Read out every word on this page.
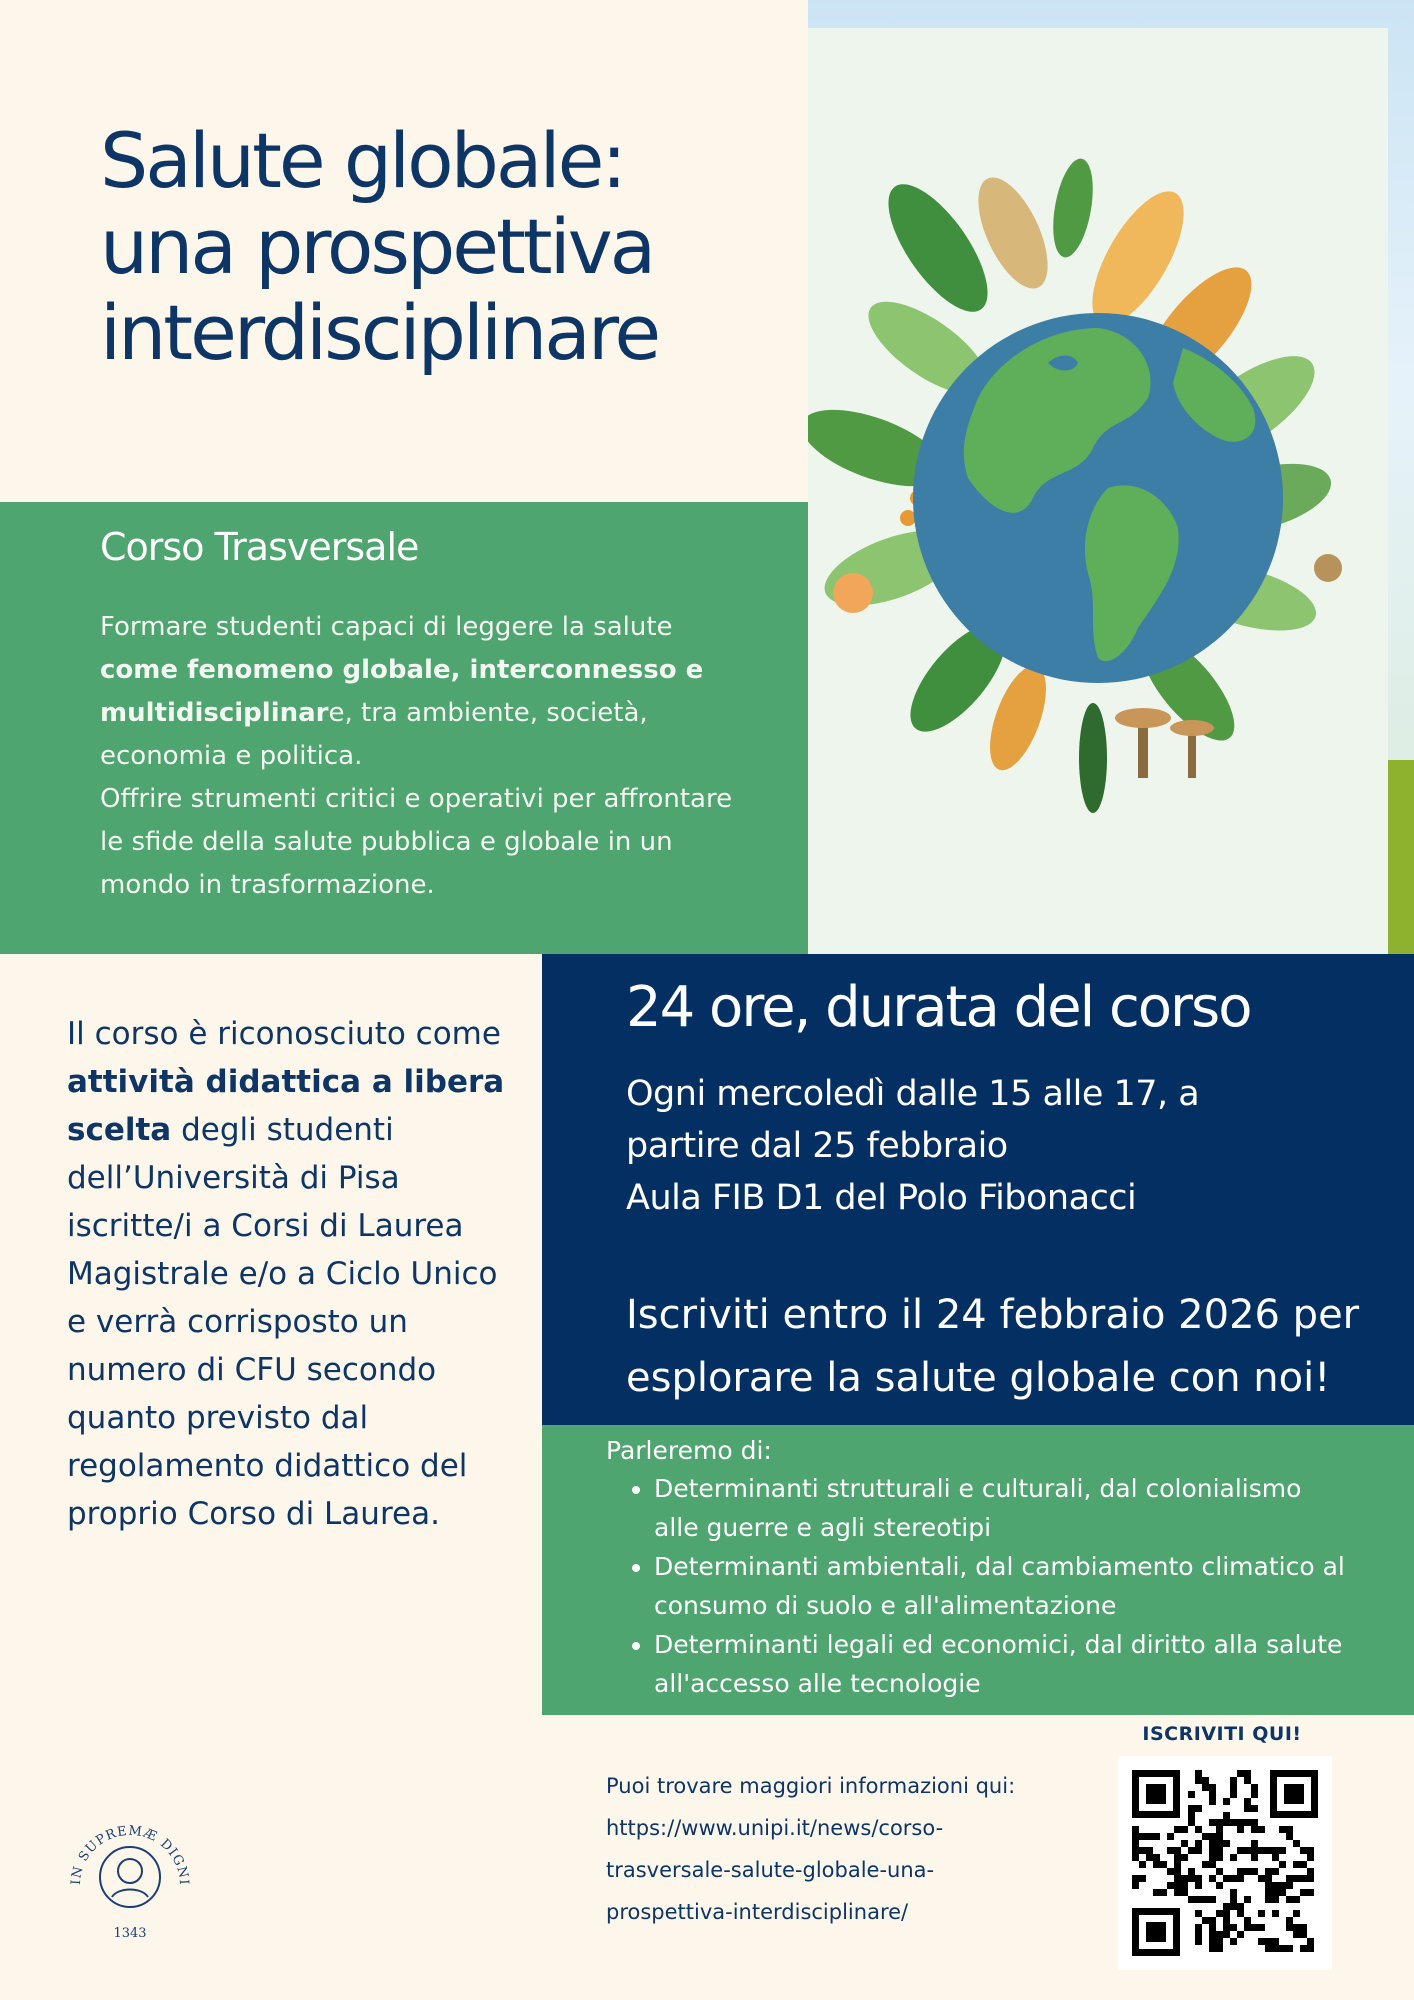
Salute globale:
una prospettiva
interdisciplinare
Corso Trasversale
Formare studenti capaci di leggere la salute come fenomeno globale, interconnesso e multidisciplinare, tra ambiente, società, economia e politica.
Offrire strumenti critici e operativi per affrontare le sfide della salute pubblica e globale in un mondo in trasformazione.
Il corso è riconosciuto come attività didattica a libera scelta degli studenti dell’Università di Pisa iscritte/i a Corsi di Laurea Magistrale e/o a Ciclo Unico e verrà corrisposto un numero di CFU secondo quanto previsto dal regolamento didattico del proprio Corso di Laurea.
24 ore, durata del corso
Ogni mercoledì dalle 15 alle 17, a
partire dal 25 febbraio
Aula FIB D1 del Polo Fibonacci
Iscriviti entro il 24 febbraio 2026 per esplorare la salute globale con noi!
Parleremo di:
• Determinanti strutturali e culturali, dal colonialismo alle guerre e agli stereotipi
• Determinanti ambientali, dal cambiamento climatico al consumo di suolo e all'alimentazione
• Determinanti legali ed economici, dal diritto alla salute all'accesso alle tecnologie
Puoi trovare maggiori informazioni qui:
https://www.unipi.it/news/corso-
trasversale-salute-globale-una-
prospettiva-interdisciplinare/
ISCRIVITI QUI!
IN SUPREMÆ DIGNI
1343
